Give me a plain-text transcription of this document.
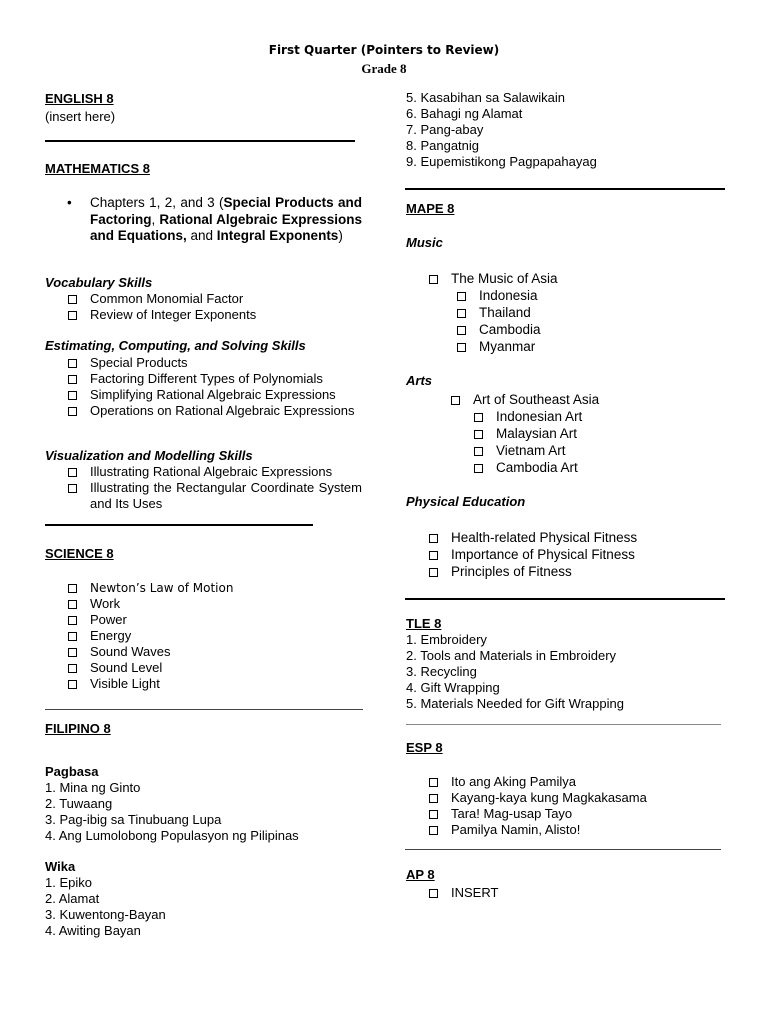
First Quarter (Pointers to Review)
Grade 8
ENGLISH 8
(insert here)
MATHEMATICS 8
• Chapters 1, 2, and 3 (Special Products and Factoring, Rational Algebraic Expressions and Equations, and Integral Exponents)
Vocabulary Skills
Common Monomial Factor
Review of Integer Exponents
Estimating, Computing, and Solving Skills
Special Products
Factoring Different Types of Polynomials
Simplifying Rational Algebraic Expressions
Operations on Rational Algebraic Expressions
Visualization and Modelling Skills
Illustrating Rational Algebraic Expressions
Illustrating the Rectangular Coordinate System and Its Uses
SCIENCE 8
Newton’s Law of Motion
Work
Power
Energy
Sound Waves
Sound Level
Visible Light
FILIPINO 8
Pagbasa
1. Mina ng Ginto
2. Tuwaang
3. Pag-ibig sa Tinubuang Lupa
4. Ang Lumolobong Populasyon ng Pilipinas
Wika
1. Epiko
2. Alamat
3. Kuwentong-Bayan
4. Awiting Bayan
5. Kasabihan sa Salawikain
6. Bahagi ng Alamat
7. Pang-abay
8. Pangatnig
9. Eupemistikong Pagpapahayag
MAPE 8
Music
The Music of Asia
Indonesia
Thailand
Cambodia
Myanmar
Arts
Art of Southeast Asia
Indonesian Art
Malaysian Art
Vietnam Art
Cambodia Art
Physical Education
Health-related Physical Fitness
Importance of Physical Fitness
Principles of Fitness
TLE 8
1. Embroidery
2. Tools and Materials in Embroidery
3. Recycling
4. Gift Wrapping
5. Materials Needed for Gift Wrapping
ESP 8
Ito ang Aking Pamilya
Kayang-kaya kung Magkakasama
Tara! Mag-usap Tayo
Pamilya Namin, Alisto!
AP 8
INSERT
